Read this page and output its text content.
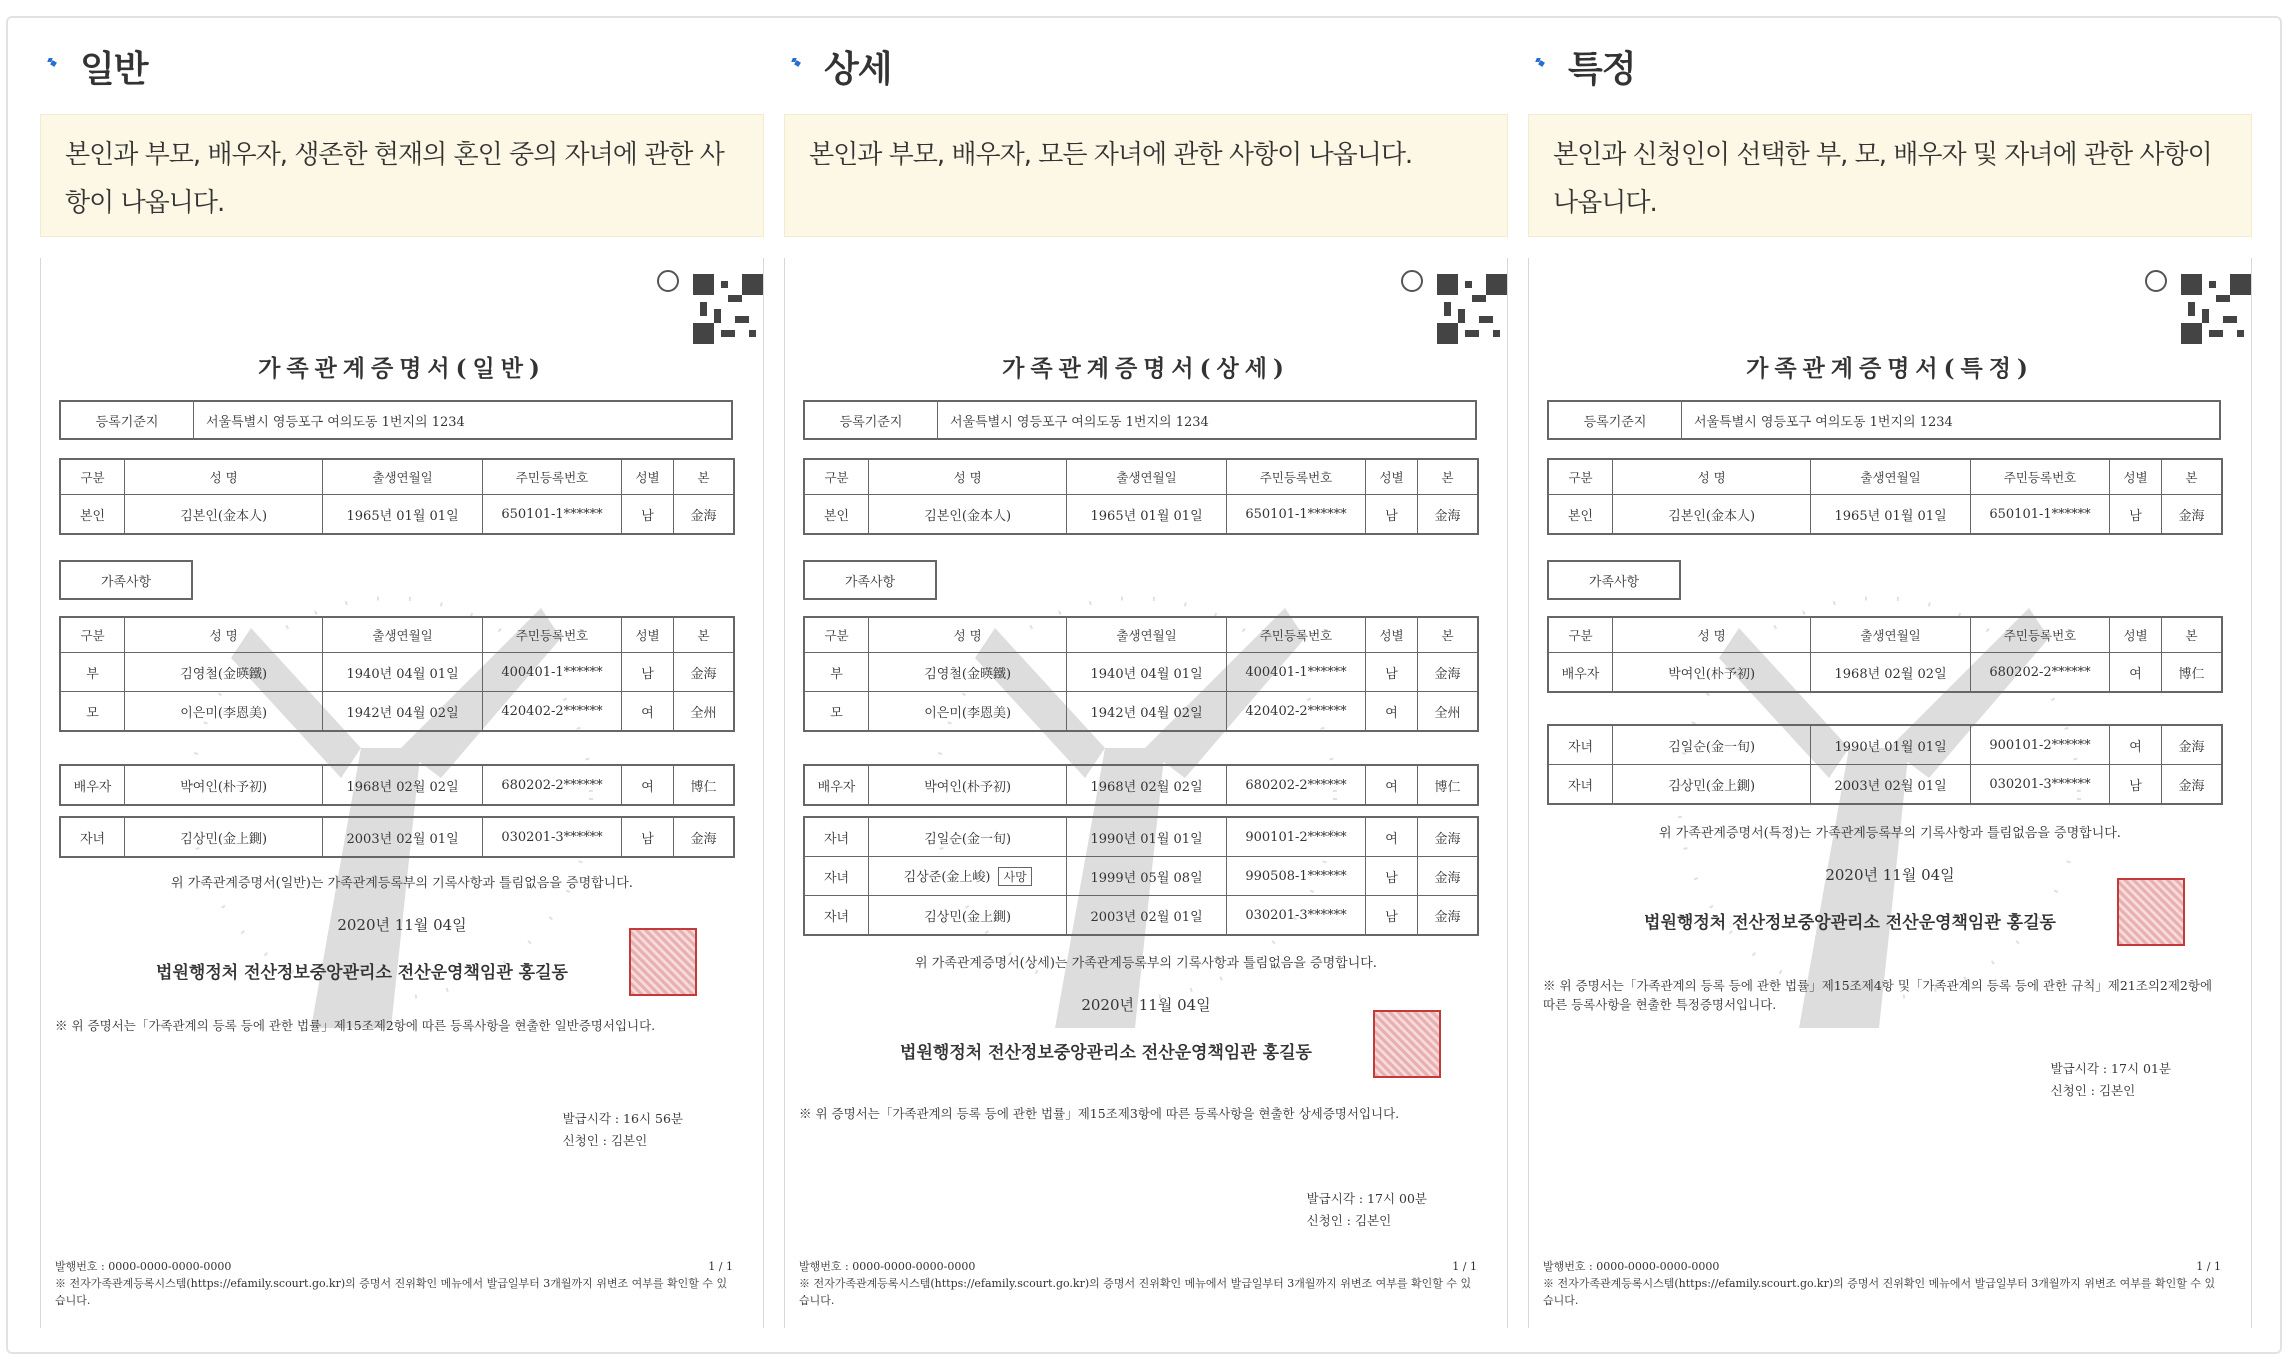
일반
본인과 부모, 배우자, 생존한 현재의 혼인 중의 자녀에 관한 사항이 나옵니다.
가족관계증명서(일반)
등록기준지	서울특별시 영등포구 여의도동 1번지의 1234
구분	성 명	출생연월일	주민등록번호	성별	본
본인	김본인(金本人)	1965년 01월 01일	650101-1******	남	金海
가족사항
구분	성 명	출생연월일	주민등록번호	성별	본
부	김영철(金暎鐵)	1940년 04월 01일	400401-1******	남	金海
모	이은미(李恩美)	1942년 04월 02일	420402-2******	여	全州
배우자	박여인(朴予初)	1968년 02월 02일	680202-2******	여	博仁
자녀	김상민(金上鍘)	2003년 02월 01일	030201-3******	남	金海
위 가족관계증명서(일반)는 가족관계등록부의 기록사항과 틀림없음을 증명합니다.
2020년 11월 04일
법원행정처 전산정보중앙관리소 전산운영책임관 홍길동
※ 위 증명서는「가족관계의 등록 등에 관한 법률」제15조제2항에 따른 등록사항을 현출한 일반증명서입니다.
발급시각 : 16시 56분
신청인 : 김본인
발행번호 : 0000-0000-0000-0000	1 / 1
※ 전자가족관계등록시스템(https://efamily.scourt.go.kr)의 증명서 진위확인 메뉴에서 발급일부터 3개월까지 위변조 여부를 확인할 수 있습니다.
상세
본인과 부모, 배우자, 모든 자녀에 관한 사항이 나옵니다.
가족관계증명서(상세)
등록기준지	서울특별시 영등포구 여의도동 1번지의 1234
구분	성 명	출생연월일	주민등록번호	성별	본
본인	김본인(金本人)	1965년 01월 01일	650101-1******	남	金海
가족사항
구분	성 명	출생연월일	주민등록번호	성별	본
부	김영철(金暎鐵)	1940년 04월 01일	400401-1******	남	金海
모	이은미(李恩美)	1942년 04월 02일	420402-2******	여	全州
배우자	박여인(朴予初)	1968년 02월 02일	680202-2******	여	博仁
자녀	김일순(金一旬)	1990년 01월 01일	900101-2******	여	金海
자녀	김상준(金上峻) 사망	1999년 05월 08일	990508-1******	남	金海
자녀	김상민(金上鍘)	2003년 02월 01일	030201-3******	남	金海
위 가족관계증명서(상세)는 가족관계등록부의 기록사항과 틀림없음을 증명합니다.
2020년 11월 04일
법원행정처 전산정보중앙관리소 전산운영책임관 홍길동
※ 위 증명서는「가족관계의 등록 등에 관한 법률」제15조제3항에 따른 등록사항을 현출한 상세증명서입니다.
발급시각 : 17시 00분
신청인 : 김본인
발행번호 : 0000-0000-0000-0000	1 / 1
※ 전자가족관계등록시스템(https://efamily.scourt.go.kr)의 증명서 진위확인 메뉴에서 발급일부터 3개월까지 위변조 여부를 확인할 수 있습니다.
특정
본인과 신청인이 선택한 부, 모, 배우자 및 자녀에 관한 사항이 나옵니다.
가족관계증명서(특정)
등록기준지	서울특별시 영등포구 여의도동 1번지의 1234
구분	성 명	출생연월일	주민등록번호	성별	본
본인	김본인(金本人)	1965년 01월 01일	650101-1******	남	金海
가족사항
구분	성 명	출생연월일	주민등록번호	성별	본
배우자	박여인(朴予初)	1968년 02월 02일	680202-2******	여	博仁
자녀	김일순(金一旬)	1990년 01월 01일	900101-2******	여	金海
자녀	김상민(金上鍘)	2003년 02월 01일	030201-3******	남	金海
위 가족관계증명서(특정)는 가족관계등록부의 기록사항과 틀림없음을 증명합니다.
2020년 11월 04일
법원행정처 전산정보중앙관리소 전산운영책임관 홍길동
※ 위 증명서는「가족관계의 등록 등에 관한 법률」제15조제4항 및「가족관계의 등록 등에 관한 규칙」제21조의2제2항에 따른 등록사항을 현출한 특정증명서입니다.
발급시각 : 17시 01분
신청인 : 김본인
발행번호 : 0000-0000-0000-0000	1 / 1
※ 전자가족관계등록시스템(https://efamily.scourt.go.kr)의 증명서 진위확인 메뉴에서 발급일부터 3개월까지 위변조 여부를 확인할 수 있습니다.
